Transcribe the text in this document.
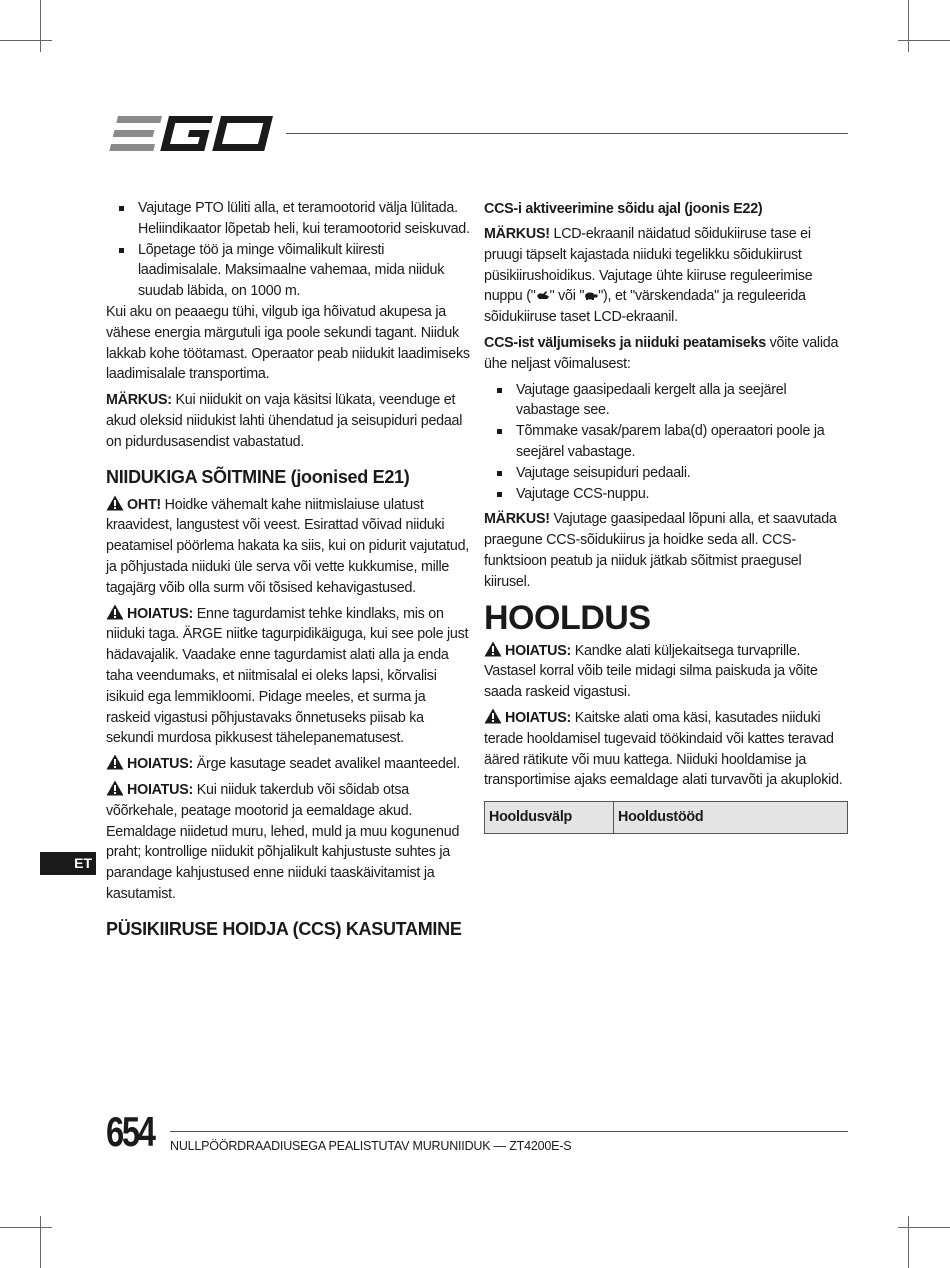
Vajutage PTO lüliti alla, et teramootorid välja lülitada. Heliindikaator lõpetab heli, kui teramootorid seiskuvad.
Lõpetage töö ja minge võimalikult kiiresti laadimisalale. Maksimaalne vahemaa, mida niiduk suudab läbida, on 1000 m.

Kui aku on peaaegu tühi, vilgub iga hõivatud akupesa ja vähese energia märgutuli iga poole sekundi tagant. Niiduk lakkab kohe töötamast. Operaator peab niidukit laadimiseks laadimisalale transportima.

MÄRKUS: Kui niidukit on vaja käsitsi lükata, veenduge et akud oleksid niidukist lahti ühendatud ja seisupiduri pedaal on pidurdusasendist vabastatud.

NIIDUKIGA SÕITMINE (joonised E21)

OHT! Hoidke vähemalt kahe niitmislaiuse ulatust kraavidest, langustest või veest. Esirattad võivad niiduki peatamisel pöörlema hakata ka siis, kui on pidurit vajutatud, ja põhjustada niiduki üle serva või vette kukkumise, mille tagajärg võib olla surm või tõsised kehavigastused.

HOIATUS: Enne tagurdamist tehke kindlaks, mis on niiduki taga. ÄRGE niitke tagurpidikäiguga, kui see pole just hädavajalik. Vaadake enne tagurdamist alati alla ja enda taha veendumaks, et niitmisalal ei oleks lapsi, kõrvalisi isikuid ega lemmikloomi. Pidage meeles, et surma ja raskeid vigastusi põhjustavaks õnnetuseks piisab ka sekundi murdosa pikkusest tähelepanematusest.

HOIATUS: Ärge kasutage seadet avalikel maanteedel.

HOIATUS: Kui niiduk takerdub või sõidab otsa võõrkehale, peatage mootorid ja eemaldage akud. Eemaldage niidetud muru, lehed, muld ja muu kogunenud praht; kontrollige niidukit põhjalikult kahjustuste suhtes ja parandage kahjustused enne niiduki taaskäivitamist ja kasutamist.

PÜSIKIIRUSE HOIDJA (CCS) KASUTAMINE
CCS-i aktiveerimine sõidu ajal (joonis E22)

MÄRKUS! LCD-ekraanil näidatud sõidukiiruse tase ei pruugi täpselt kajastada niiduki tegelikku sõidukiirust püsikiirushoidikus. Vajutage ühte kiiruse reguleerimise nuppu (" " või " "), et "värskendada" ja reguleerida sõidukiiruse taset LCD-ekraanil.

CCS-ist väljumiseks ja niiduki peatamiseks võite valida ühe neljast võimalusest:

Vajutage gaasipedaali kergelt alla ja seejärel vabastage see.
Tõmmake vasak/parem laba(d) operaatori poole ja seejärel vabastage.
Vajutage seisupiduri pedaali.
Vajutage CCS-nuppu.

MÄRKUS! Vajutage gaasipedaal lõpuni alla, et saavutada praegune CCS-sõidukiirus ja hoidke seda all. CCS-funktsioon peatub ja niiduk jätkab sõitmist praegusel kiirusel.

HOOLDUS

HOIATUS: Kandke alati küljekaitsega turvaprille. Vastasel korral võib teile midagi silma paiskuda ja võite saada raskeid vigastusi.

HOIATUS: Kaitske alati oma käsi, kasutades niiduki terade hooldamisel tugevaid töökindaid või kattes teravad ääred rätikute või muu kattega. Niiduki hooldamise ja transportimise ajaks eemaldage alati turvavõti ja akuplokid.

Hooldusvälp	Hooldustööd
ET
654 NULLPÖÖRDRAADIUSEGA PEALISTUTAV MURUNIIDUK — ZT4200E-S
